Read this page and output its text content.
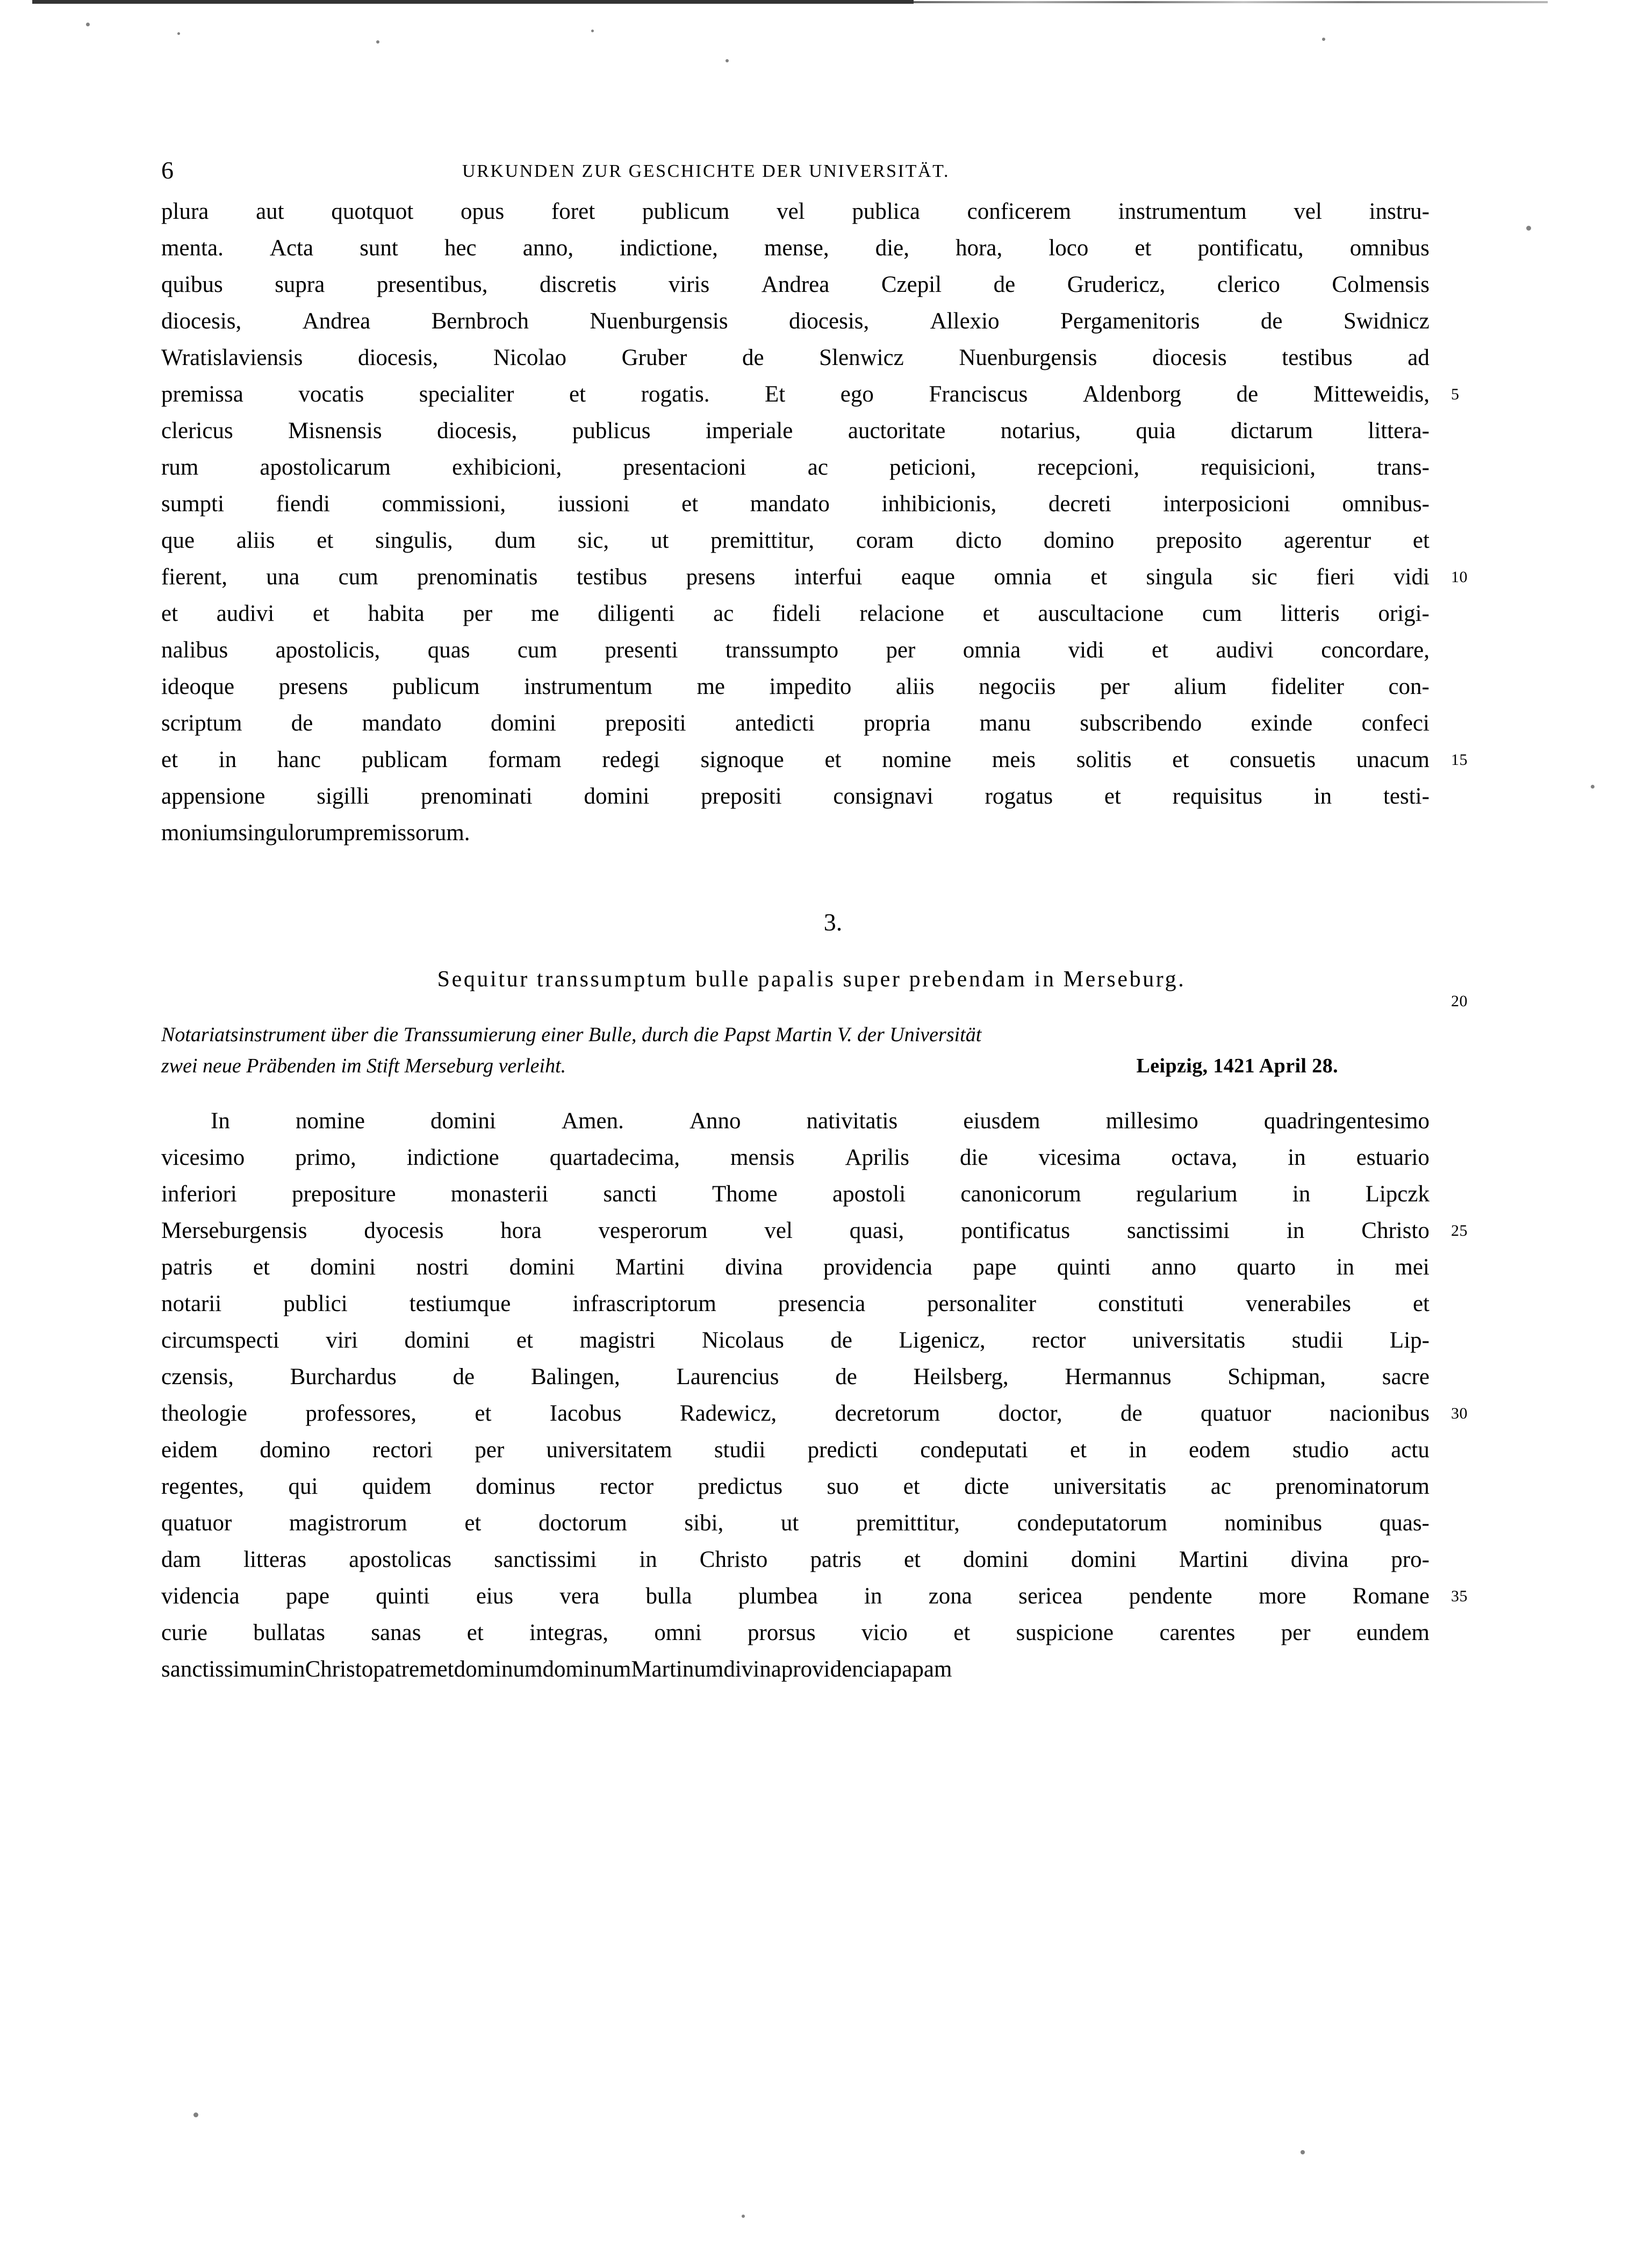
6	URKUNDEN ZUR GESCHICHTE DER UNIVERSITÄT.
plura aut quotquot opus foret publicum vel publica conficerem instrumentum vel instru-
menta. Acta sunt hec anno, indictione, mense, die, hora, loco et pontificatu, omnibus
quibus supra presentibus, discretis viris Andrea Czepil de Grudericz, clerico Colmensis
diocesis,	Andrea	Bernbroch	Nuenburgensis	diocesis,	Allexio	Pergamenitoris	de	Swidnicz
Wratislaviensis diocesis, Nicolao Gruber de Slenwicz Nuenburgensis diocesis testibus ad
5
premissa vocatis specialiter et rogatis. Et ego Franciscus Aldenborg de Mitteweidis,
clericus Misnensis diocesis, publicus imperiale auctoritate notarius, quia dictarum littera-
rum	apostolicarum	exhibicioni,	presentacioni	ac	peticioni,	recepcioni,	requisicioni,	trans-
sumpti fiendi commissioni, iussioni et mandato inhibicionis, decreti interposicioni omnibus-
que aliis et singulis, dum sic, ut premittitur, coram dicto domino preposito agerentur et
10
fierent, una cum prenominatis testibus presens interfui eaque omnia et singula sic fieri vidi
et audivi et habita per me diligenti ac fideli relacione et auscultacione cum litteris origi-
nalibus apostolicis, quas cum presenti transsumpto per omnia vidi et audivi concordare,
ideoque presens publicum instrumentum me impedito aliis negociis per alium fideliter con-
scriptum de mandato domini prepositi antedicti propria manu subscribendo exinde confeci
15
et in hanc publicam formam redegi signoque et nomine meis solitis et consuetis unacum
appensione sigilli prenominati domini prepositi consignavi rogatus et requisitus in testi-
monium singulorum premissorum.
3.
Sequitur transsumptum bulle papalis super prebendam in Merseburg.
20
Notariatsinstrument über die Transsumierung einer Bulle, durch die Papst Martin V. der Universität
zwei neue Präbenden im Stift Merseburg verleiht.	Leipzig, 1421 April 28.
In	nomine	domini	Amen.	Anno	nativitatis	eiusdem	millesimo	quadringentesimo
vicesimo primo, indictione quartadecima, mensis Aprilis die vicesima octava, in estuario
inferiori prepositure monasterii sancti Thome apostoli canonicorum regularium in Lipczk
25
Merseburgensis dyocesis hora vesperorum vel quasi, pontificatus sanctissimi in Christo
patris et domini nostri domini Martini divina providencia pape quinti anno quarto in mei
notarii	publici	testiumque	infrascriptorum	presencia	personaliter	constituti	venerabiles	et
circumspecti viri domini et magistri Nicolaus de Ligenicz, rector universitatis studii Lip-
czensis, Burchardus de Balingen, Laurencius de Heilsberg, Hermannus Schipman, sacre
30
theologie	professores,	et	Iacobus	Radewicz,	decretorum	doctor,	de	quatuor	nacionibus
eidem domino rectori per universitatem studii predicti condeputati et in eodem studio actu
regentes, qui quidem dominus rector predictus suo et dicte universitatis ac prenominatorum
quatuor magistrorum et doctorum sibi, ut premittitur, condeputatorum nominibus quas-
dam litteras apostolicas sanctissimi in Christo patris et domini domini Martini divina pro-
35
videncia pape quinti eius vera bulla plumbea in zona sericea pendente more Romane
curie bullatas sanas et integras, omni prorsus vicio et suspicione carentes per eundem
sanctissimum in Christo patrem et dominum dominum Martinum divina providencia papam
